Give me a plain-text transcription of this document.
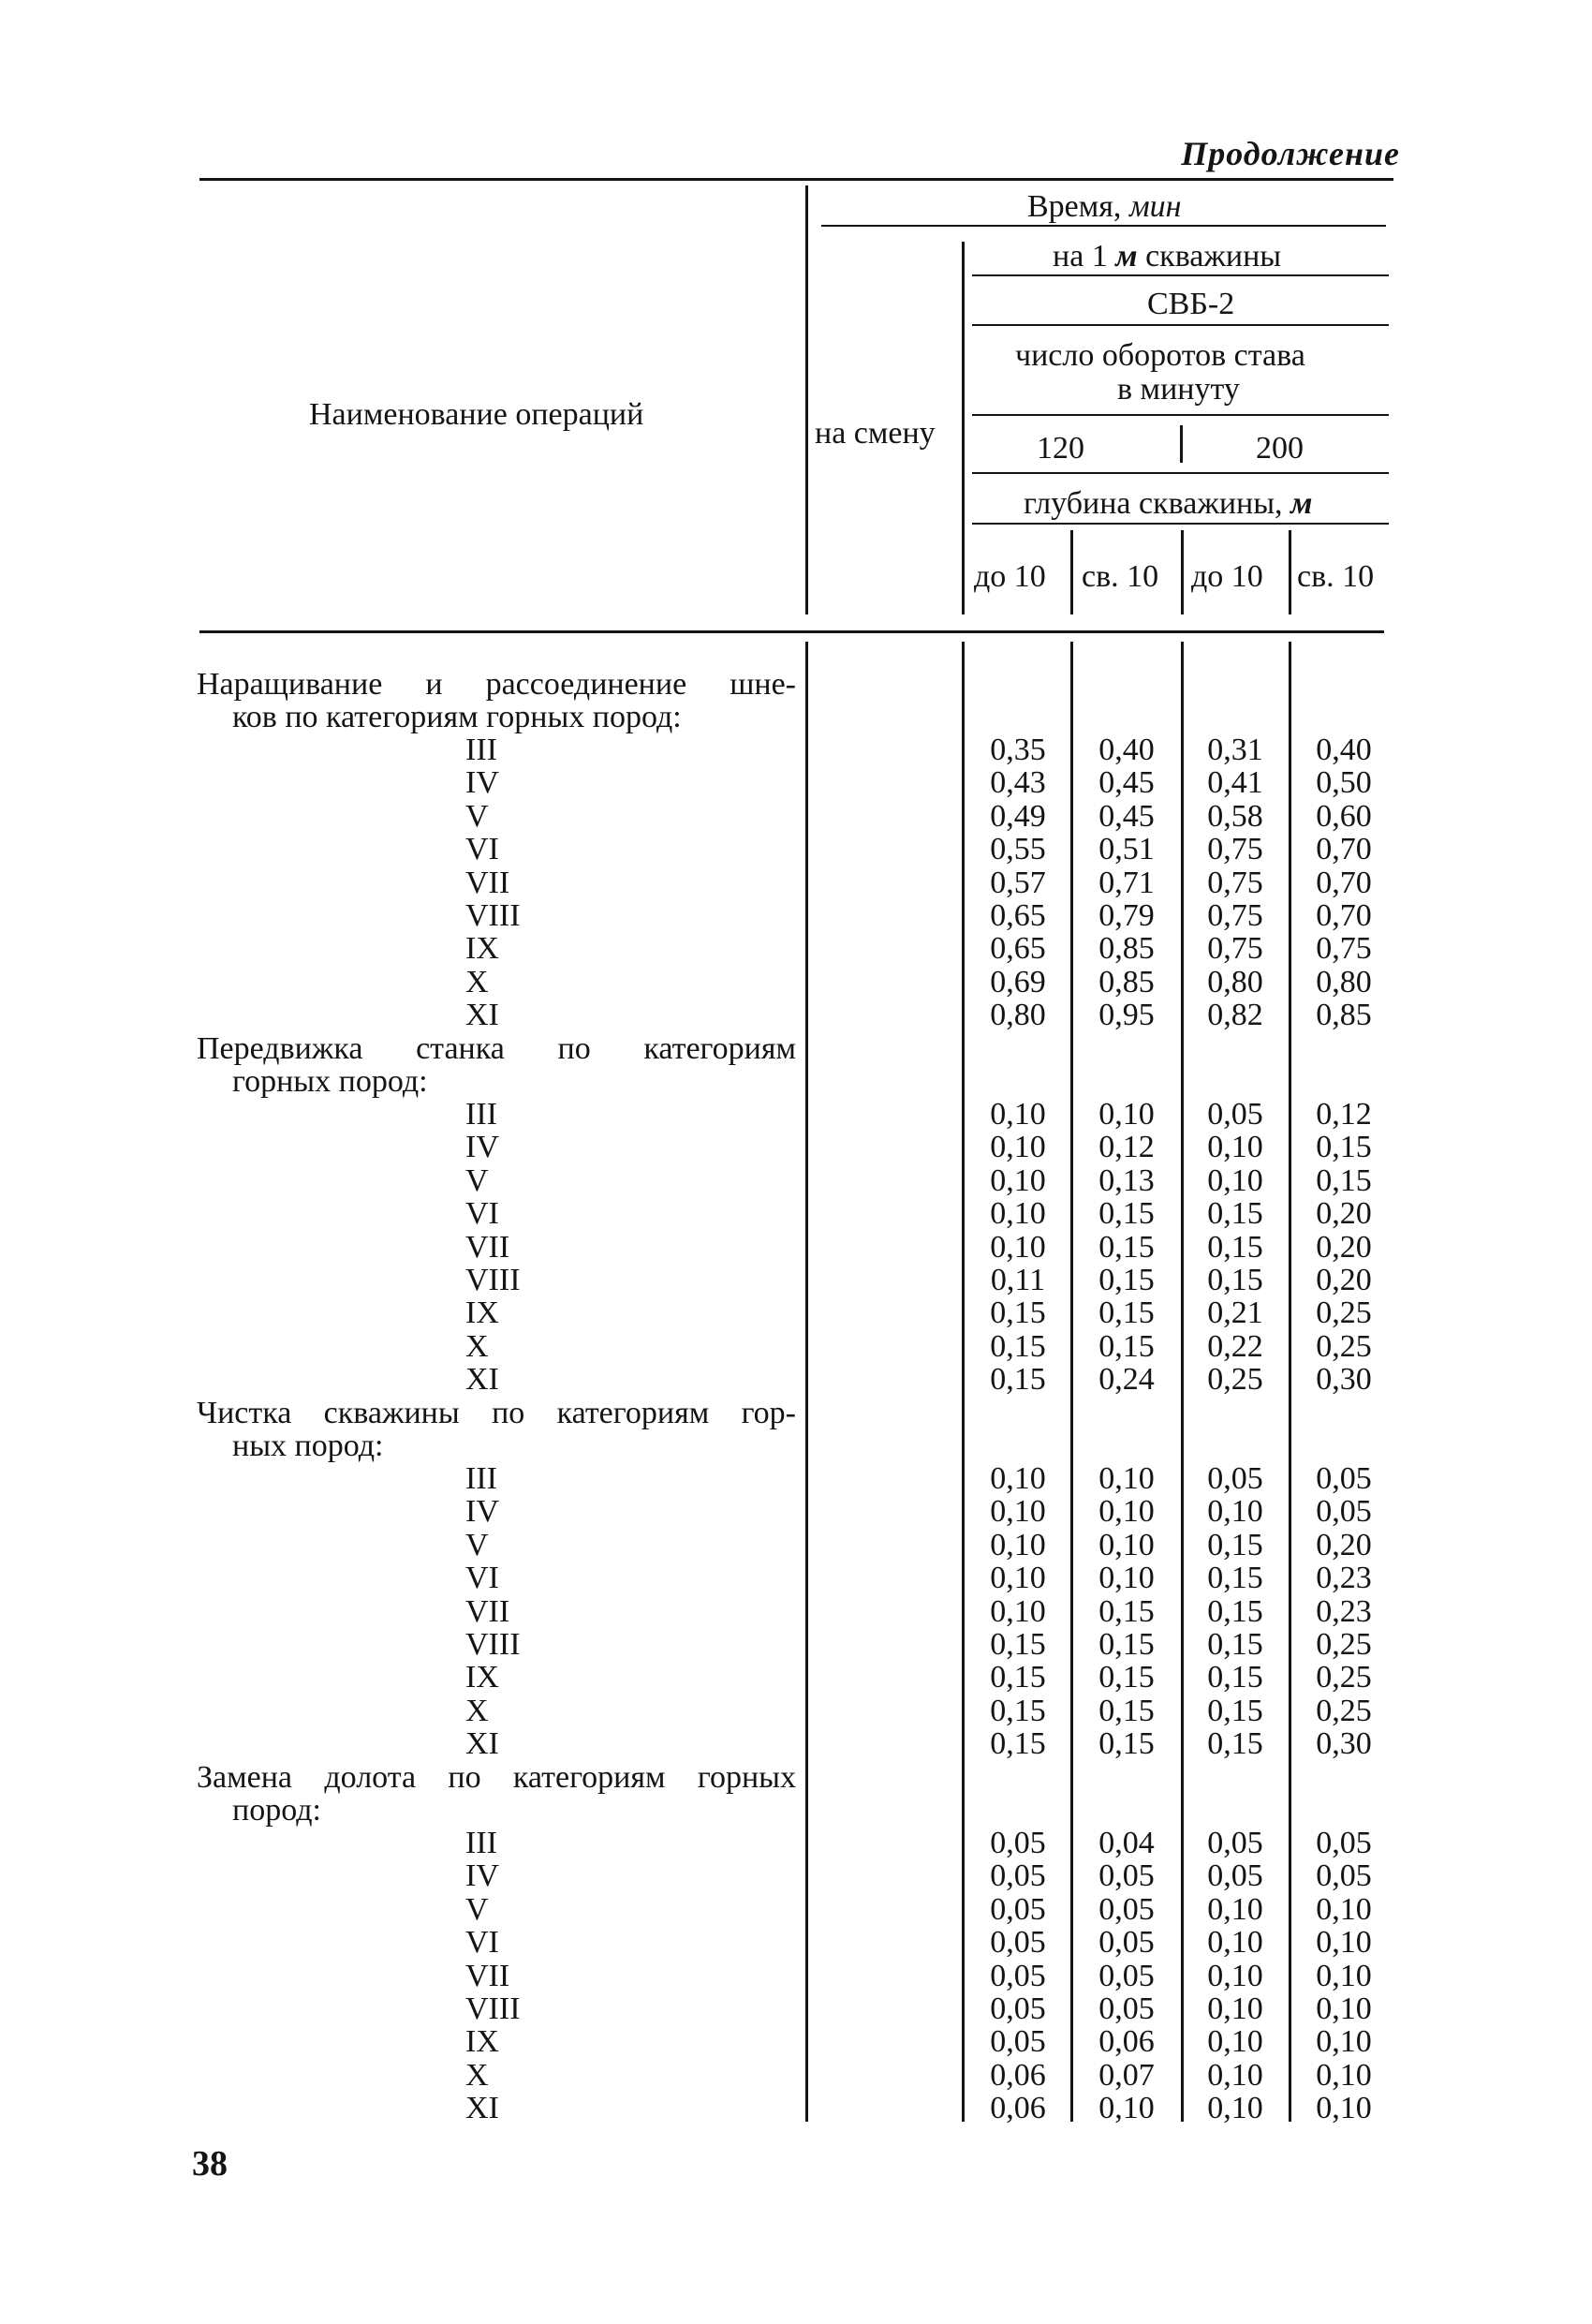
Продолжение
Наименование операций
Время, мин
на смену
на 1 м скважины
СВБ-2
число оборотов става
в минуту
120	200
глубина скважины, м
до 10 св. 10 до 10 св. 10
Наращивание и рассоединение шне-
ков по категориям горных пород:
III	0,35	0,40	0,31	0,40
IV	0,43	0,45	0,41	0,50
V	0,49	0,45	0,58	0,60
VI	0,55	0,51	0,75	0,70
VII	0,57	0,71	0,75	0,70
VIII	0,65	0,79	0,75	0,70
IX	0,65	0,85	0,75	0,75
X	0,69	0,85	0,80	0,80
XI	0,80	0,95	0,82	0,85
Передвижка станка по категориям
горных пород:
III	0,10	0,10	0,05	0,12
IV	0,10	0,12	0,10	0,15
V	0,10	0,13	0,10	0,15
VI	0,10	0,15	0,15	0,20
VII	0,10	0,15	0,15	0,20
VIII	0,11	0,15	0,15	0,20
IX	0,15	0,15	0,21	0,25
X	0,15	0,15	0,22	0,25
XI	0,15	0,24	0,25	0,30
Чистка скважины по категориям гор-
ных пород:
III	0,10	0,10	0,05	0,05
IV	0,10	0,10	0,10	0,05
V	0,10	0,10	0,15	0,20
VI	0,10	0,10	0,15	0,23
VII	0,10	0,15	0,15	0,23
VIII	0,15	0,15	0,15	0,25
IX	0,15	0,15	0,15	0,25
X	0,15	0,15	0,15	0,25
XI	0,15	0,15	0,15	0,30
Замена долота по категориям горных
пород:
III	0,05	0,04	0,05	0,05
IV	0,05	0,05	0,05	0,05
V	0,05	0,05	0,10	0,10
VI	0,05	0,05	0,10	0,10
VII	0,05	0,05	0,10	0,10
VIII	0,05	0,05	0,10	0,10
IX	0,05	0,06	0,10	0,10
X	0,06	0,07	0,10	0,10
XI	0,06	0,10	0,10	0,10
38
